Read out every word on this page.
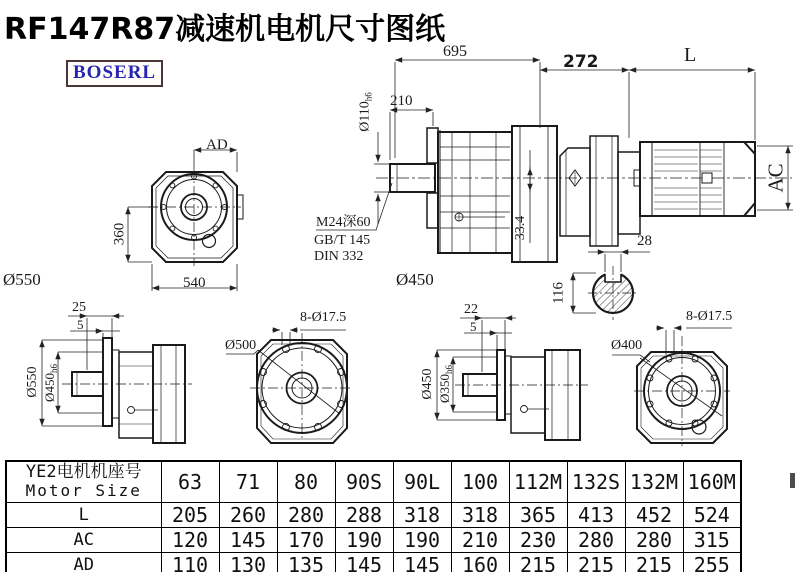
RF147R87减速机电机尺寸图纸
BOSERL
AD
360
Ø550	540
695
210
$Ø110_{h6}$
M24深60
GB/T 145
DIN 332
33.4
Ø450
272	L
AC
28
116
25
5
Ø550 $Ø450_{h6}$
8-Ø17.5
Ø500
22
5
Ø450 $Ø350_{h6}$
8-Ø17.5
Ø400
YE2电机机座号
Motor Size	63	71	80	90S	90L	100	112M	132S	132M	160M
L	205	260	280	288	318	318	365	413	452	524
AC	120	145	170	190	190	210	230	280	280	315
AD	110	130	135	145	145	160	215	215	215	255
